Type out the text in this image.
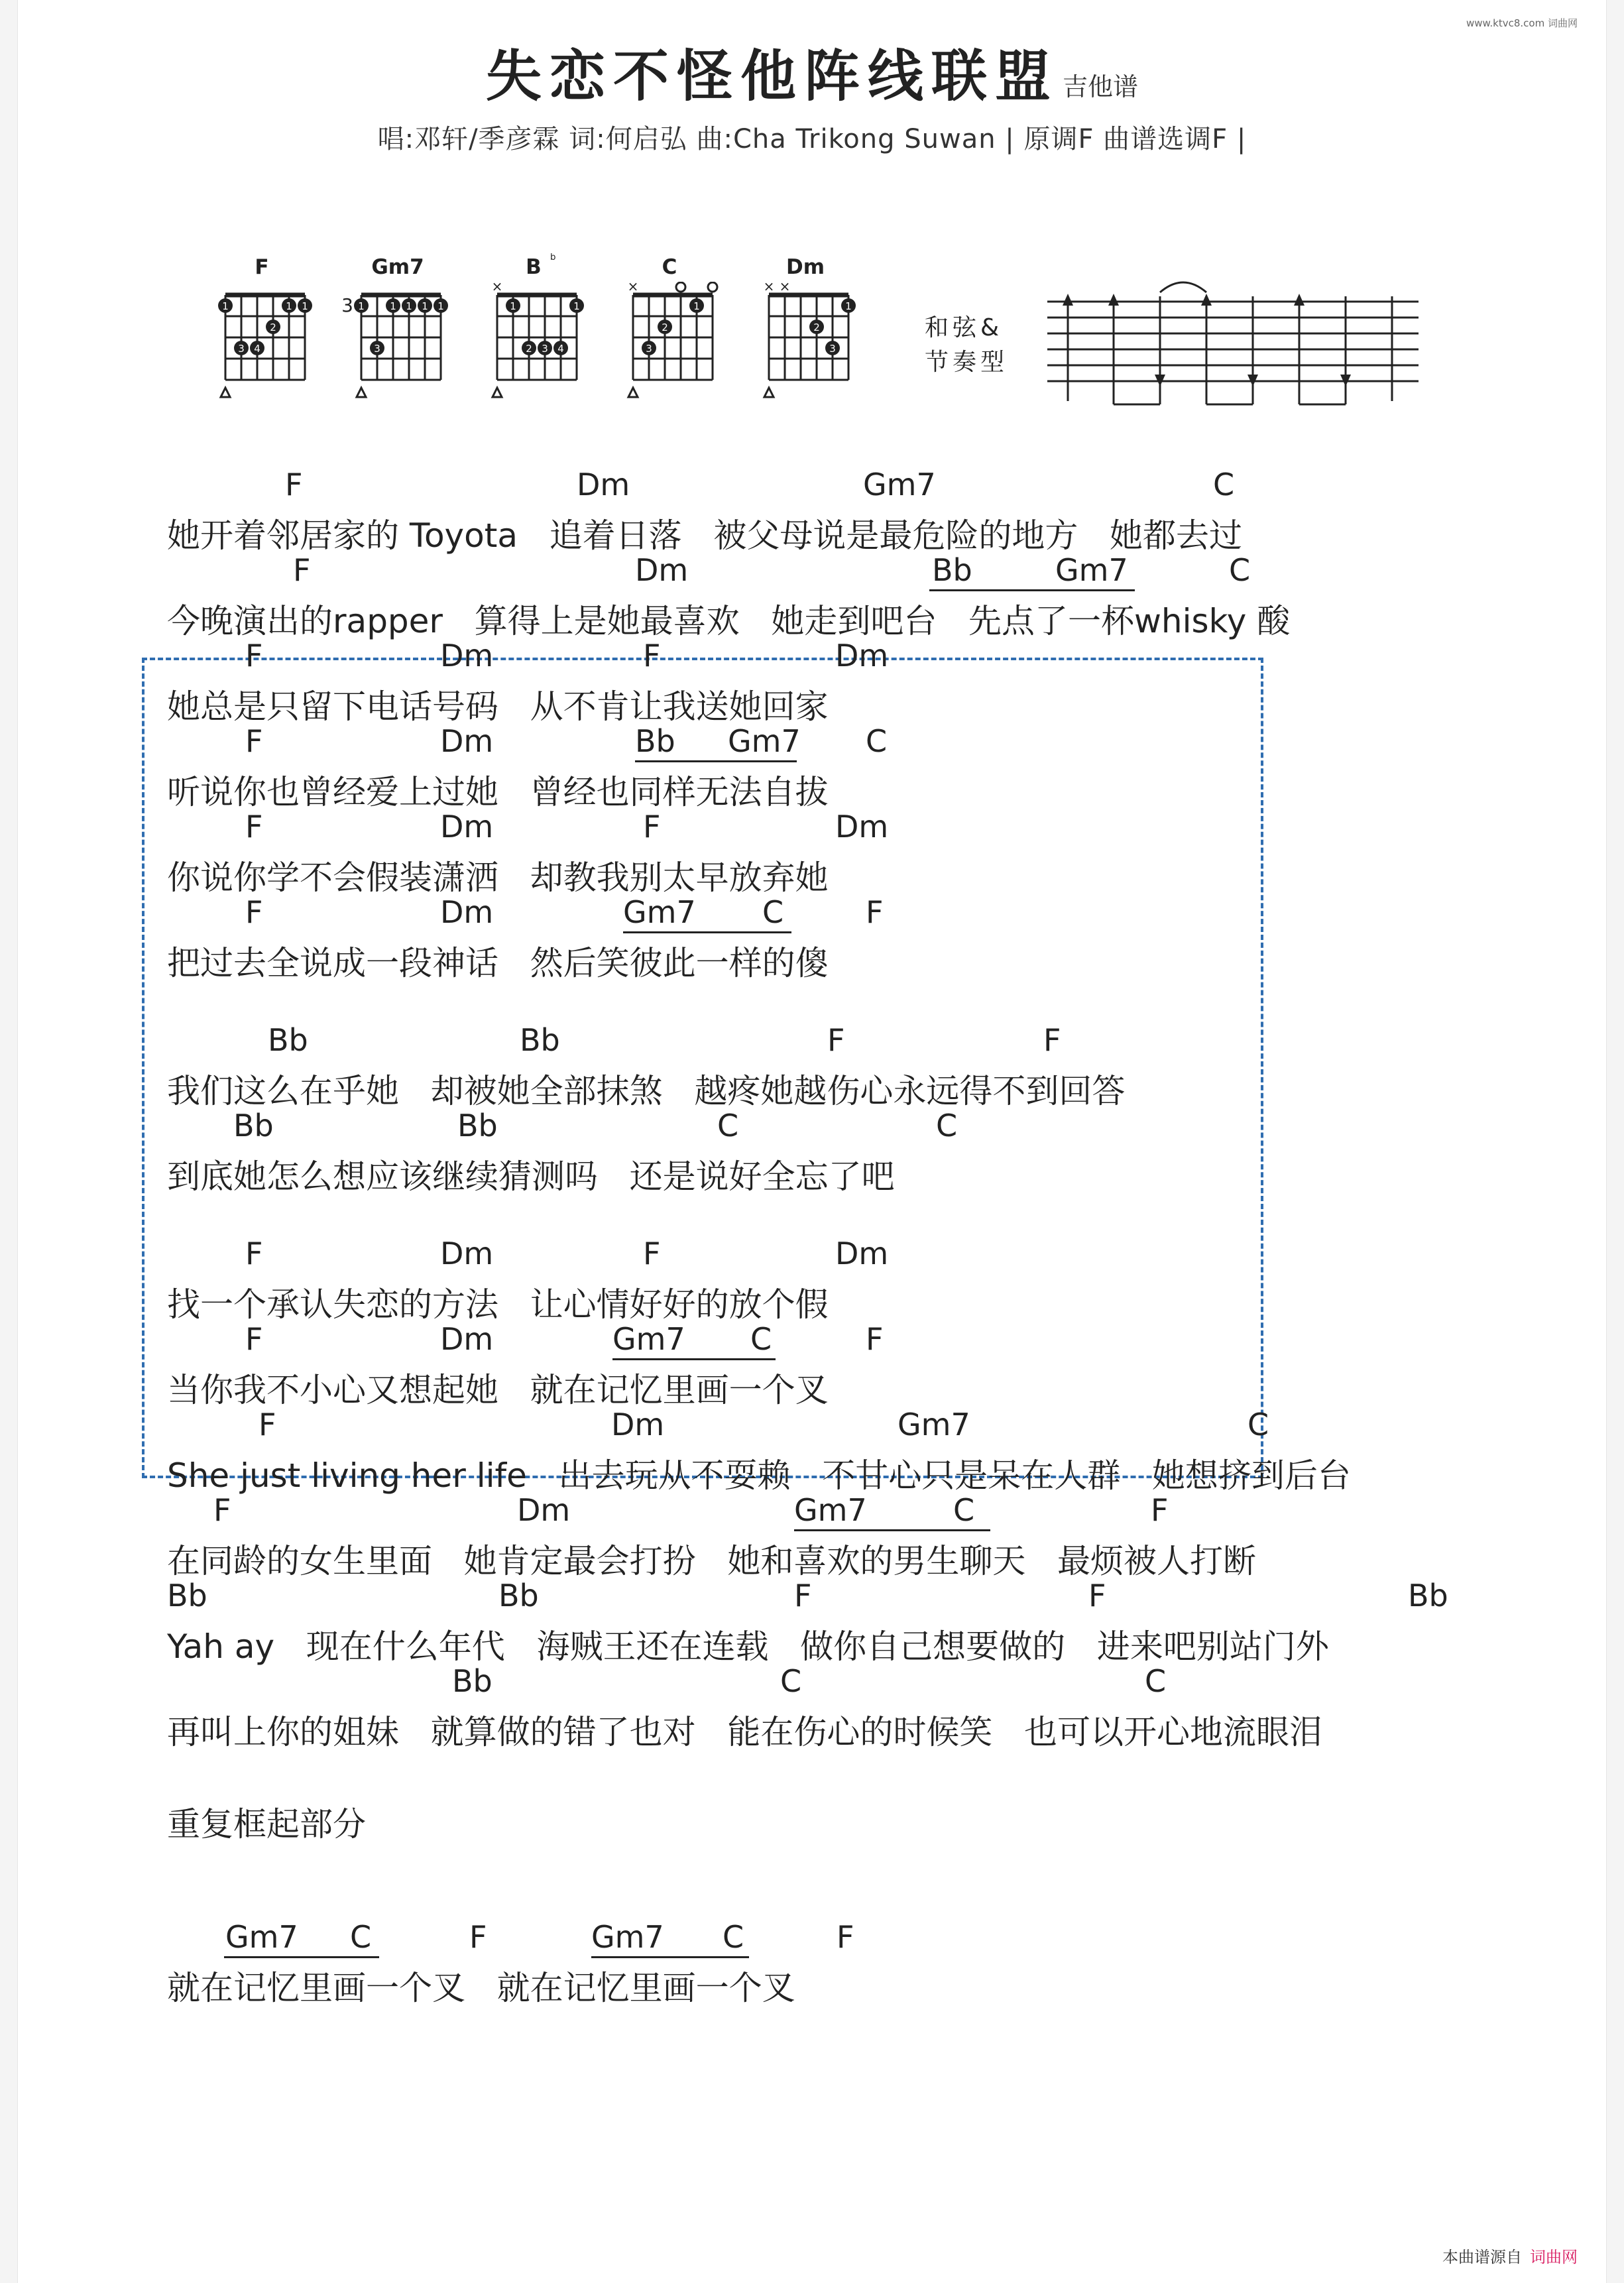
www.ktvc8.com 词曲网
失恋不怪他阵线联盟 吉他谱
唱:邓轩/季彦霖 词:何启弘 曲:Cha Trikong Suwan | 原调F 曲谱选调F |
F
1	1 1
2
3 4
Gm7
1	1 1 1 1
3
3
B b
1	1
2 3 4
×
C
1
2
3
×
Dm
1
2
3
× ×
和弦&
节奏型
F	Dm	Gm7	C
她开着邻居家的 Toyota   追着日落   被父母说是最危险的地方   她都去过
F	Dm	Bb	Gm7	C
今晚演出的rapper   算得上是她最喜欢   她走到吧台   先点了一杯whisky 酸
F	Dm	F	Dm
她总是只留下电话号码   从不肯让我送她回家
F	Dm	Bb Gm7 C
听说你也曾经爱上过她   曾经也同样无法自拔
F	Dm	F	Dm
你说你学不会假装潇洒   却教我别太早放弃她
F	Dm	Gm7 C	F
把过去全说成一段神话   然后笑彼此一样的傻
Bb	Bb	F	F
我们这么在乎她   却被她全部抹煞   越疼她越伤心永远得不到回答
Bb	Bb	C	C
到底她怎么想应该继续猜测吗   还是说好全忘了吧
F	Dm	F	Dm
找一个承认失恋的方法   让心情好好的放个假
F	Dm	Gm7 C	F
当你我不小心又想起她   就在记忆里画一个叉
F	Dm	Gm7	C
She just living her life   出去玩从不耍赖   不甘心只是呆在人群   她想挤到后台
F	Dm	Gm7	C	F
在同龄的女生里面   她肯定最会打扮   她和喜欢的男生聊天   最烦被人打断
Bb	Bb	F	F	Bb
Yah ay   现在什么年代   海贼王还在连载   做你自己想要做的   进来吧别站门外
Bb	C	C
再叫上你的姐妹   就算做的错了也对   能在伤心的时候笑   也可以开心地流眼泪
重复框起部分
Gm7 C	F	Gm7 C	F
就在记忆里画一个叉   就在记忆里画一个叉
本曲谱源自 词曲网
